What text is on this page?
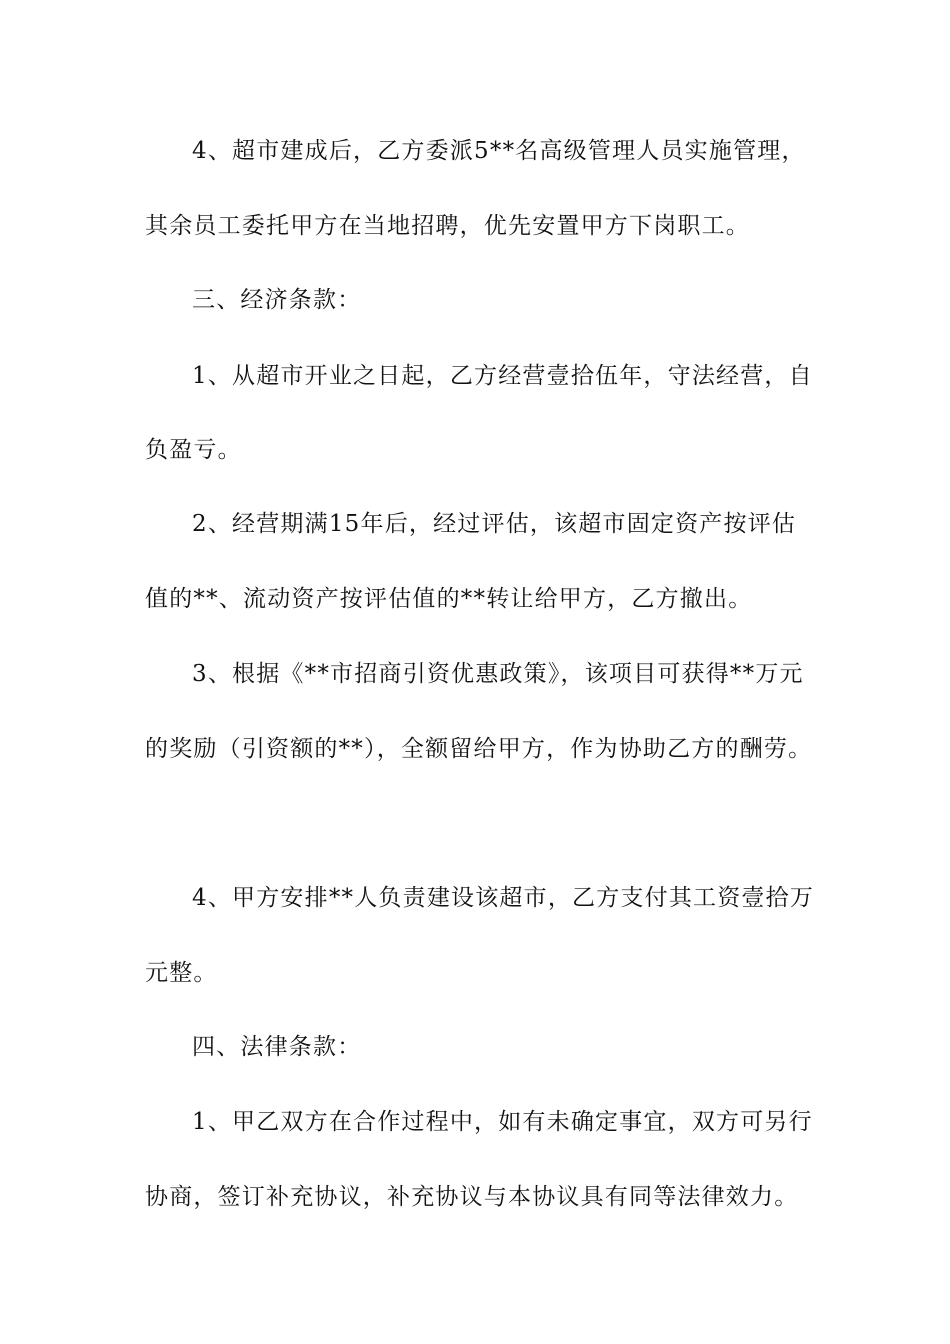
4、超市建成后，乙方委派5**名高级管理人员实施管理，
其余员工委托甲方在当地招聘，优先安置甲方下岗职工。
三、经济条款：
1、从超市开业之日起，乙方经营壹拾伍年，守法经营，自
负盈亏。
2、经营期满15年后，经过评估，该超市固定资产按评估
值的**、流动资产按评估值的**转让给甲方，乙方撤出。
3、根据《**市招商引资优惠政策》，该项目可获得**万元
的奖励（引资额的**），全额留给甲方，作为协助乙方的酬劳。
4、甲方安排**人负责建设该超市，乙方支付其工资壹拾万
元整。
四、法律条款：
1、甲乙双方在合作过程中，如有未确定事宜，双方可另行
协商，签订补充协议，补充协议与本协议具有同等法律效力。
